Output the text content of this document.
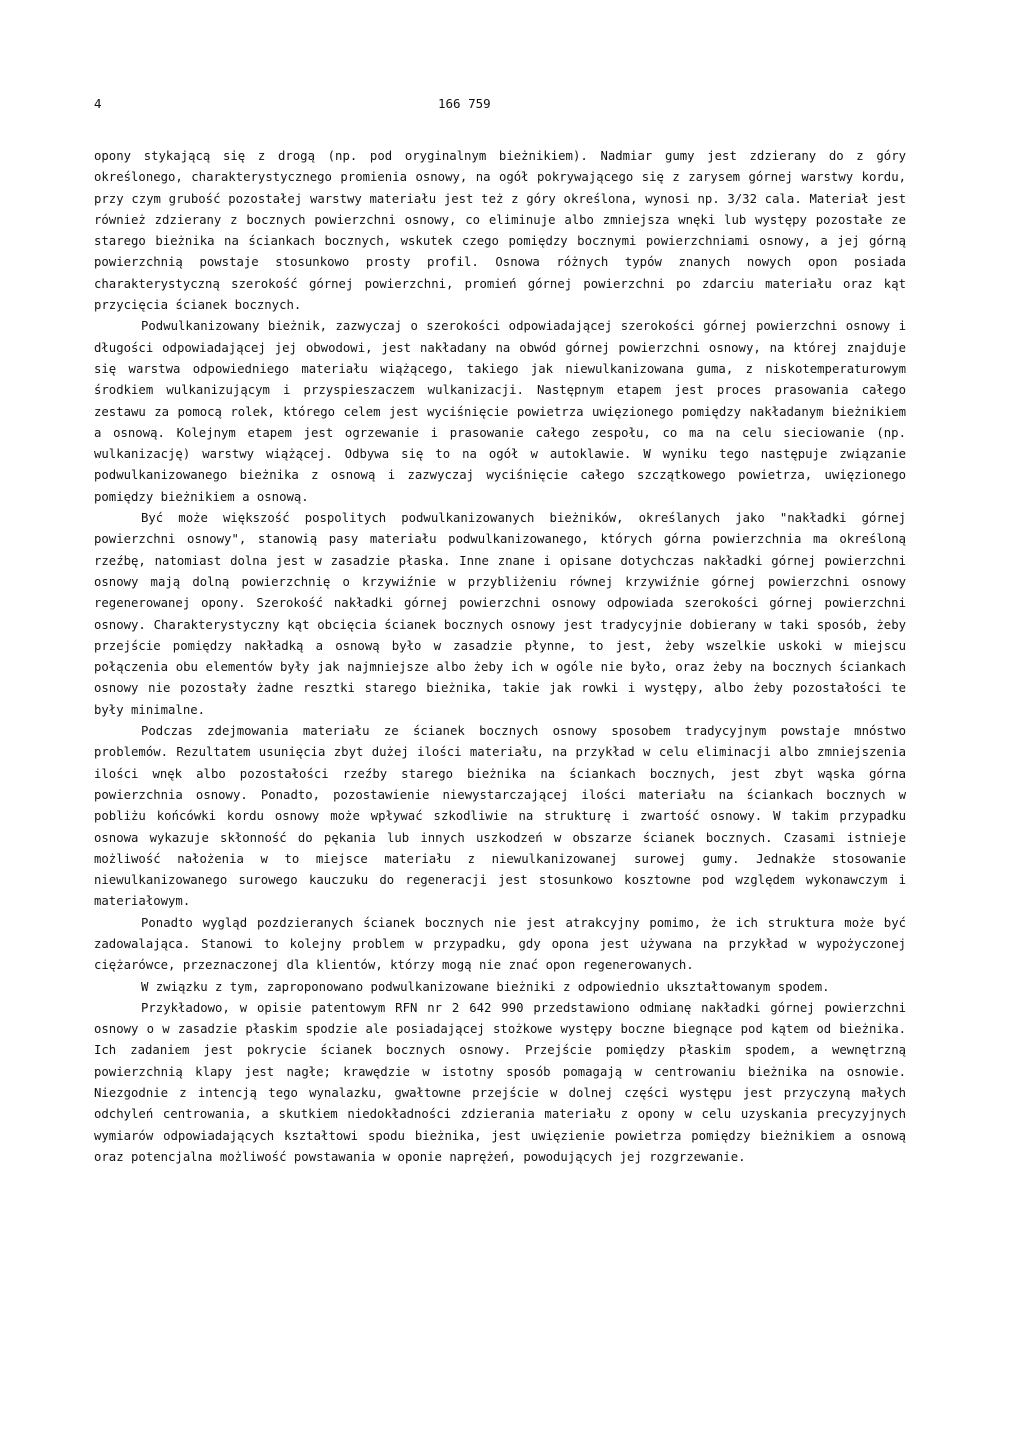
4	166 759

opony stykającą się z drogą (np. pod oryginalnym bieżnikiem). Nadmiar gumy jest zdzierany do z góry określonego, charakterystycznego promienia osnowy, na ogół pokrywającego się z zarysem górnej warstwy kordu, przy czym grubość pozostałej warstwy materiału jest też z góry określona, wynosi np. 3/32 cala. Materiał jest również zdzierany z bocznych powierzchni osnowy, co eliminuje albo zmniejsza wnęki lub występy pozostałe ze starego bieżnika na ściankach bocznych, wskutek czego pomiędzy bocznymi powierzchniami osnowy, a jej górną powierzchnią powstaje stosunkowo prosty profil. Osnowa różnych typów znanych nowych opon posiada charakterystyczną szerokość górnej powierzchni, promień górnej powierzchni po zdarciu materiału oraz kąt przycięcia ścianek bocznych.

Podwulkanizowany bieżnik, zazwyczaj o szerokości odpowiadającej szerokości górnej powierzchni osnowy i długości odpowiadającej jej obwodowi, jest nakładany na obwód górnej powierzchni osnowy, na której znajduje się warstwa odpowiedniego materiału wiążącego, takiego jak niewulkanizowana guma, z niskotemperaturowym środkiem wulkanizującym i przyspieszaczem wulkanizacji. Następnym etapem jest proces prasowania całego zestawu za pomocą rolek, którego celem jest wyciśnięcie powietrza uwięzionego pomiędzy nakładanym bieżnikiem a osnową. Kolejnym etapem jest ogrzewanie i prasowanie całego zespołu, co ma na celu sieciowanie (np. wulkanizację) warstwy wiążącej. Odbywa się to na ogół w autoklawie. W wyniku tego następuje związanie podwulkanizowanego bieżnika z osnową i zazwyczaj wyciśnięcie całego szczątkowego powietrza, uwięzionego pomiędzy bieżnikiem a osnową.

Być może większość pospolitych podwulkanizowanych bieżników, określanych jako "nakładki górnej powierzchni osnowy", stanowią pasy materiału podwulkanizowanego, których górna powierzchnia ma określoną rzeźbę, natomiast dolna jest w zasadzie płaska. Inne znane i opisane dotychczas nakładki górnej powierzchni osnowy mają dolną powierzchnię o krzywiźnie w przybliżeniu równej krzywiźnie górnej powierzchni osnowy regenerowanej opony. Szerokość nakładki górnej powierzchni osnowy odpowiada szerokości górnej powierzchni osnowy. Charakterystyczny kąt obcięcia ścianek bocznych osnowy jest tradycyjnie dobierany w taki sposób, żeby przejście pomiędzy nakładką a osnową było w zasadzie płynne, to jest, żeby wszelkie uskoki w miejscu połączenia obu elementów były jak najmniejsze albo żeby ich w ogóle nie było, oraz żeby na bocznych ściankach osnowy nie pozostały żadne resztki starego bieżnika, takie jak rowki i występy, albo żeby pozostałości te były minimalne.

Podczas zdejmowania materiału ze ścianek bocznych osnowy sposobem tradycyjnym powstaje mnóstwo problemów. Rezultatem usunięcia zbyt dużej ilości materiału, na przykład w celu eliminacji albo zmniejszenia ilości wnęk albo pozostałości rzeźby starego bieżnika na ściankach bocznych, jest zbyt wąska górna powierzchnia osnowy. Ponadto, pozostawienie niewystarczającej ilości materiału na ściankach bocznych w pobliżu końcówki kordu osnowy może wpływać szkodliwie na strukturę i zwartość osnowy. W takim przypadku osnowa wykazuje skłonność do pękania lub innych uszkodzeń w obszarze ścianek bocznych. Czasami istnieje możliwość nałożenia w to miejsce materiału z niewulkanizowanej surowej gumy. Jednakże stosowanie niewulkanizowanego surowego kauczuku do regeneracji jest stosunkowo kosztowne pod względem wykonawczym i materiałowym.

Ponadto wygląd pozdzieranych ścianek bocznych nie jest atrakcyjny pomimo, że ich struktura może być zadowalająca. Stanowi to kolejny problem w przypadku, gdy opona jest używana na przykład w wypożyczonej ciężarówce, przeznaczonej dla klientów, którzy mogą nie znać opon regenerowanych.

W związku z tym, zaproponowano podwulkanizowane bieżniki z odpowiednio ukształtowanym spodem.

Przykładowo, w opisie patentowym RFN nr 2 642 990 przedstawiono odmianę nakładki górnej powierzchni osnowy o w zasadzie płaskim spodzie ale posiadającej stożkowe występy boczne biegnące pod kątem od bieżnika. Ich zadaniem jest pokrycie ścianek bocznych osnowy. Przejście pomiędzy płaskim spodem, a wewnętrzną powierzchnią klapy jest nagłe; krawędzie w istotny sposób pomagają w centrowaniu bieżnika na osnowie. Niezgodnie z intencją tego wynalazku, gwałtowne przejście w dolnej części występu jest przyczyną małych odchyleń centrowania, a skutkiem niedokładności zdzierania materiału z opony w celu uzyskania precyzyjnych wymiarów odpowiadających kształtowi spodu bieżnika, jest uwięzienie powietrza pomiędzy bieżnikiem a osnową oraz potencjalna możliwość powstawania w oponie naprężeń, powodujących jej rozgrzewanie.
